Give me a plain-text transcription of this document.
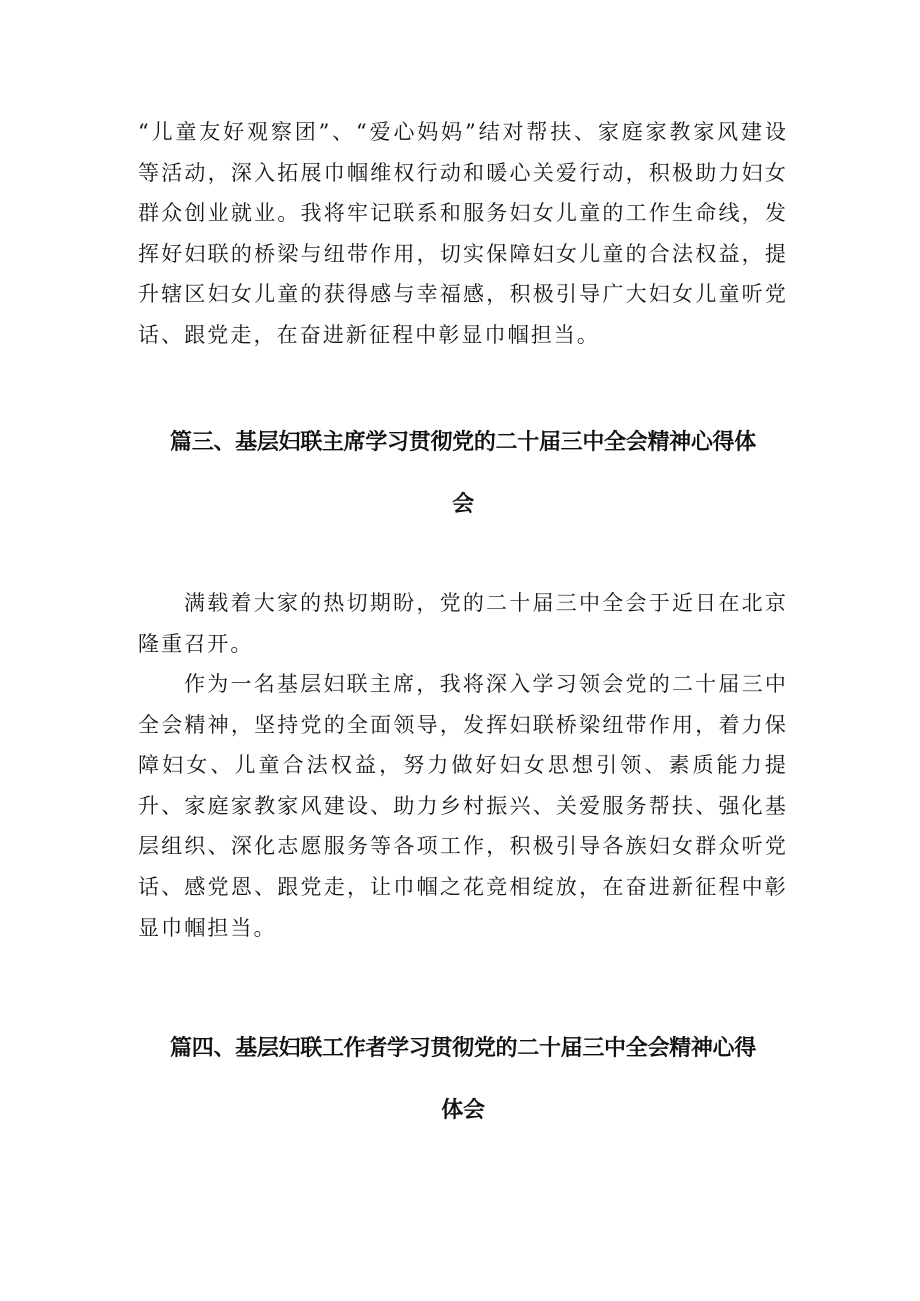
“儿童友好观察团”、“爱心妈妈”结对帮扶、家庭家教家风建设等活动，深入拓展巾帼维权行动和暖心关爱行动，积极助力妇女群众创业就业。我将牢记联系和服务妇女儿童的工作生命线，发挥好妇联的桥梁与纽带作用，切实保障妇女儿童的合法权益，提升辖区妇女儿童的获得感与幸福感，积极引导广大妇女儿童听党话、跟党走，在奋进新征程中彰显巾帼担当。

篇三、基层妇联主席学习贯彻党的二十届三中全会精神心得体会

满载着大家的热切期盼，党的二十届三中全会于近日在北京隆重召开。

作为一名基层妇联主席，我将深入学习领会党的二十届三中全会精神，坚持党的全面领导，发挥妇联桥梁纽带作用，着力保障妇女、儿童合法权益，努力做好妇女思想引领、素质能力提升、家庭家教家风建设、助力乡村振兴、关爱服务帮扶、强化基层组织、深化志愿服务等各项工作，积极引导各族妇女群众听党话、感党恩、跟党走，让巾帼之花竞相绽放，在奋进新征程中彰显巾帼担当。

篇四、基层妇联工作者学习贯彻党的二十届三中全会精神心得体会
